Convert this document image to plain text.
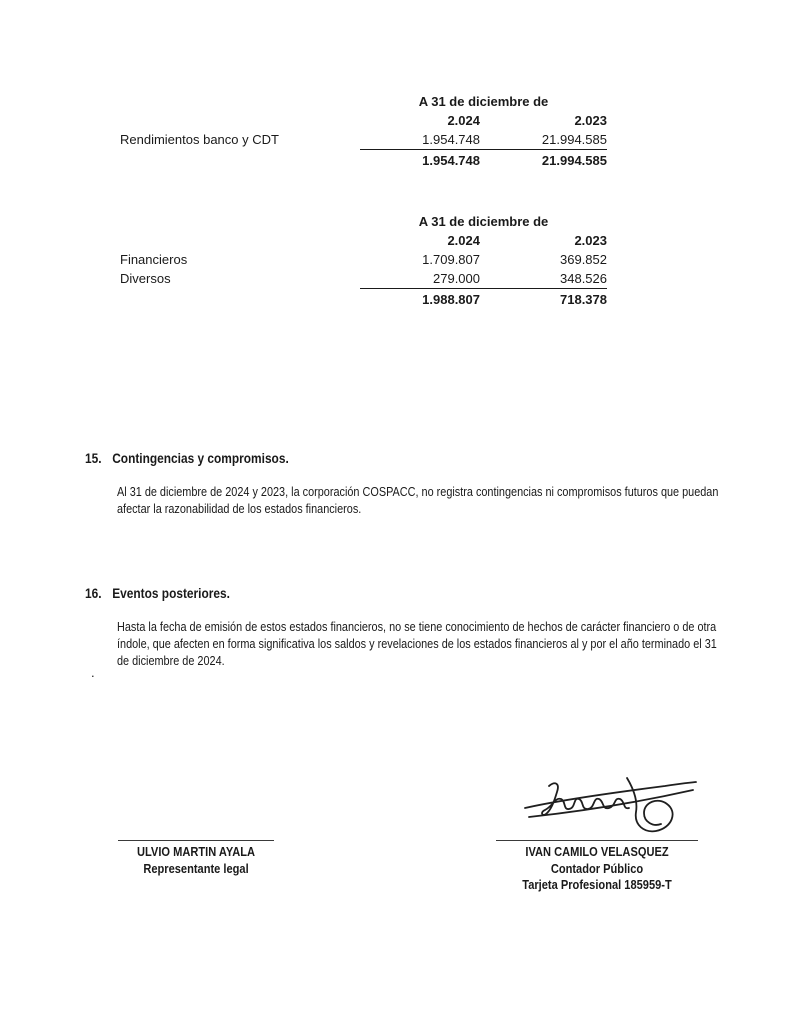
A 31 de diciembre de
2.024	2.023
Rendimientos banco y CDT	1.954.748	21.994.585
1.954.748	21.994.585
A 31 de diciembre de
2.024	2.023
Financieros	1.709.807	369.852
Diversos	279.000	348.526
1.988.807	718.378
15. Contingencias y compromisos.
Al 31 de diciembre de 2024 y 2023, la corporación COSPACC, no registra contingencias ni compromisos futuros que puedan afectar la razonabilidad de los estados financieros.
16. Eventos posteriores.
Hasta la fecha de emisión de estos estados financieros, no se tiene conocimiento de hechos de carácter financiero o de otra índole, que afecten en forma significativa los saldos y revelaciones de los estados financieros al y por el año terminado el 31 de diciembre de 2024.
.
ULVIO MARTIN AYALA
Representante legal
IVAN CAMILO VELASQUEZ
Contador Público
Tarjeta Profesional 185959-T
